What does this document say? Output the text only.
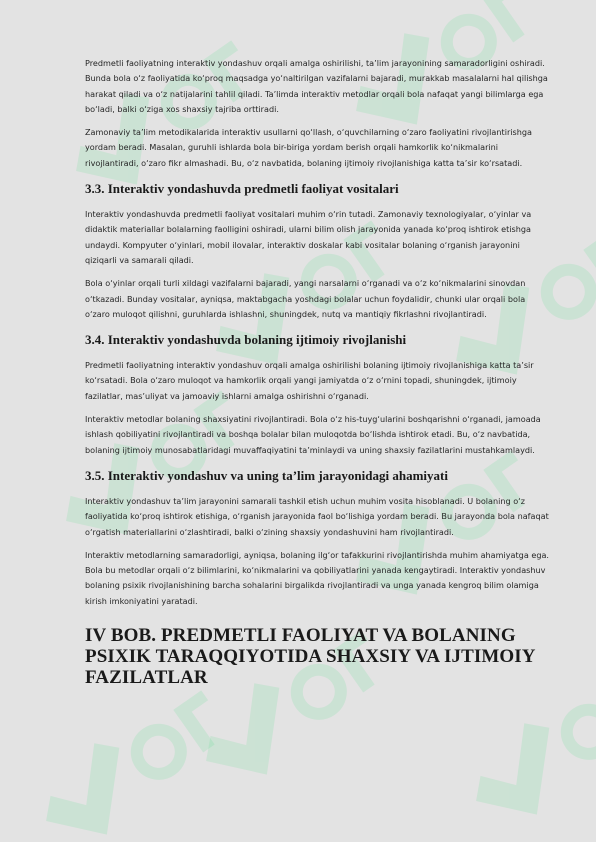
Predmetli faoliyatning interaktiv yondashuv orqali amalga oshirilishi, ta’lim jarayonining samaradorligini oshiradi. Bunda bola o‘z faoliyatida ko‘proq maqsadga yo‘naltirilgan vazifalarni bajaradi, murakkab masalalarni hal qilishga harakat qiladi va o‘z natijalarini tahlil qiladi. Ta’limda interaktiv metodlar orqali bola nafaqat yangi bilimlarga ega bo‘ladi, balki o‘ziga xos shaxsiy tajriba orttiradi.

Zamonaviy ta’lim metodikalarida interaktiv usullarni qo‘llash, o‘quvchilarning o‘zaro faoliyatini rivojlantirishga yordam beradi. Masalan, guruhli ishlarda bola bir-biriga yordam berish orqali hamkorlik ko‘nikmalarini rivojlantiradi, o‘zaro fikr almashadi. Bu, o‘z navbatida, bolaning ijtimoiy rivojlanishiga katta ta’sir ko‘rsatadi.

3.3. Interaktiv yondashuvda predmetli faoliyat vositalari

Interaktiv yondashuvda predmetli faoliyat vositalari muhim o‘rin tutadi. Zamonaviy texnologiyalar, o‘yinlar va didaktik materiallar bolalarning faolligini oshiradi, ularni bilim olish jarayonida yanada ko‘proq ishtirok etishga undaydi. Kompyuter o‘yinlari, mobil ilovalar, interaktiv doskalar kabi vositalar bolaning o‘rganish jarayonini qiziqarli va samarali qiladi.

Bola o‘yinlar orqali turli xildagi vazifalarni bajaradi, yangi narsalarni o‘rganadi va o‘z ko‘nikmalarini sinovdan o‘tkazadi. Bunday vositalar, ayniqsa, maktabgacha yoshdagi bolalar uchun foydalidir, chunki ular orqali bola o‘zaro muloqot qilishni, guruhlarda ishlashni, shuningdek, nutq va mantiqiy fikrlashni rivojlantiradi.

3.4. Interaktiv yondashuvda bolaning ijtimoiy rivojlanishi

Predmetli faoliyatning interaktiv yondashuv orqali amalga oshirilishi bolaning ijtimoiy rivojlanishiga katta ta’sir ko‘rsatadi. Bola o‘zaro muloqot va hamkorlik orqali yangi jamiyatda o‘z o‘rnini topadi, shuningdek, ijtimoiy fazilatlar, mas’uliyat va jamoaviy ishlarni amalga oshirishni o‘rganadi.

Interaktiv metodlar bolaning shaxsiyatini rivojlantiradi. Bola o‘z his-tuyg‘ularini boshqarishni o‘rganadi, jamoada ishlash qobiliyatini rivojlantiradi va boshqa bolalar bilan muloqotda bo‘lishda ishtirok etadi. Bu, o‘z navbatida, bolaning ijtimoiy munosabatlaridagi muvaffaqiyatini ta’minlaydi va uning shaxsiy fazilatlarini mustahkamlaydi.

3.5. Interaktiv yondashuv va uning ta’lim jarayonidagi ahamiyati

Interaktiv yondashuv ta’lim jarayonini samarali tashkil etish uchun muhim vosita hisoblanadi. U bolaning o‘z faoliyatida ko‘proq ishtirok etishiga, o‘rganish jarayonida faol bo‘lishiga yordam beradi. Bu jarayonda bola nafaqat o‘rgatish materiallarini o‘zlashtiradi, balki o‘zining shaxsiy yondashuvini ham rivojlantiradi.

Interaktiv metodlarning samaradorligi, ayniqsa, bolaning ilg‘or tafakkurini rivojlantirishda muhim ahamiyatga ega. Bola bu metodlar orqali o‘z bilimlarini, ko‘nikmalarini va qobiliyatlarini yanada kengaytiradi. Interaktiv yondashuv bolaning psixik rivojlanishining barcha sohalarini birgalikda rivojlantiradi va unga yanada kengroq bilim olamiga kirish imkoniyatini yaratadi.

IV BOB. PREDMETLI FAOLIYAT VA BOLANING PSIXIK TARAQQIYOTIDA SHAXSIY VA IJTIMOIY FAZILATLAR
